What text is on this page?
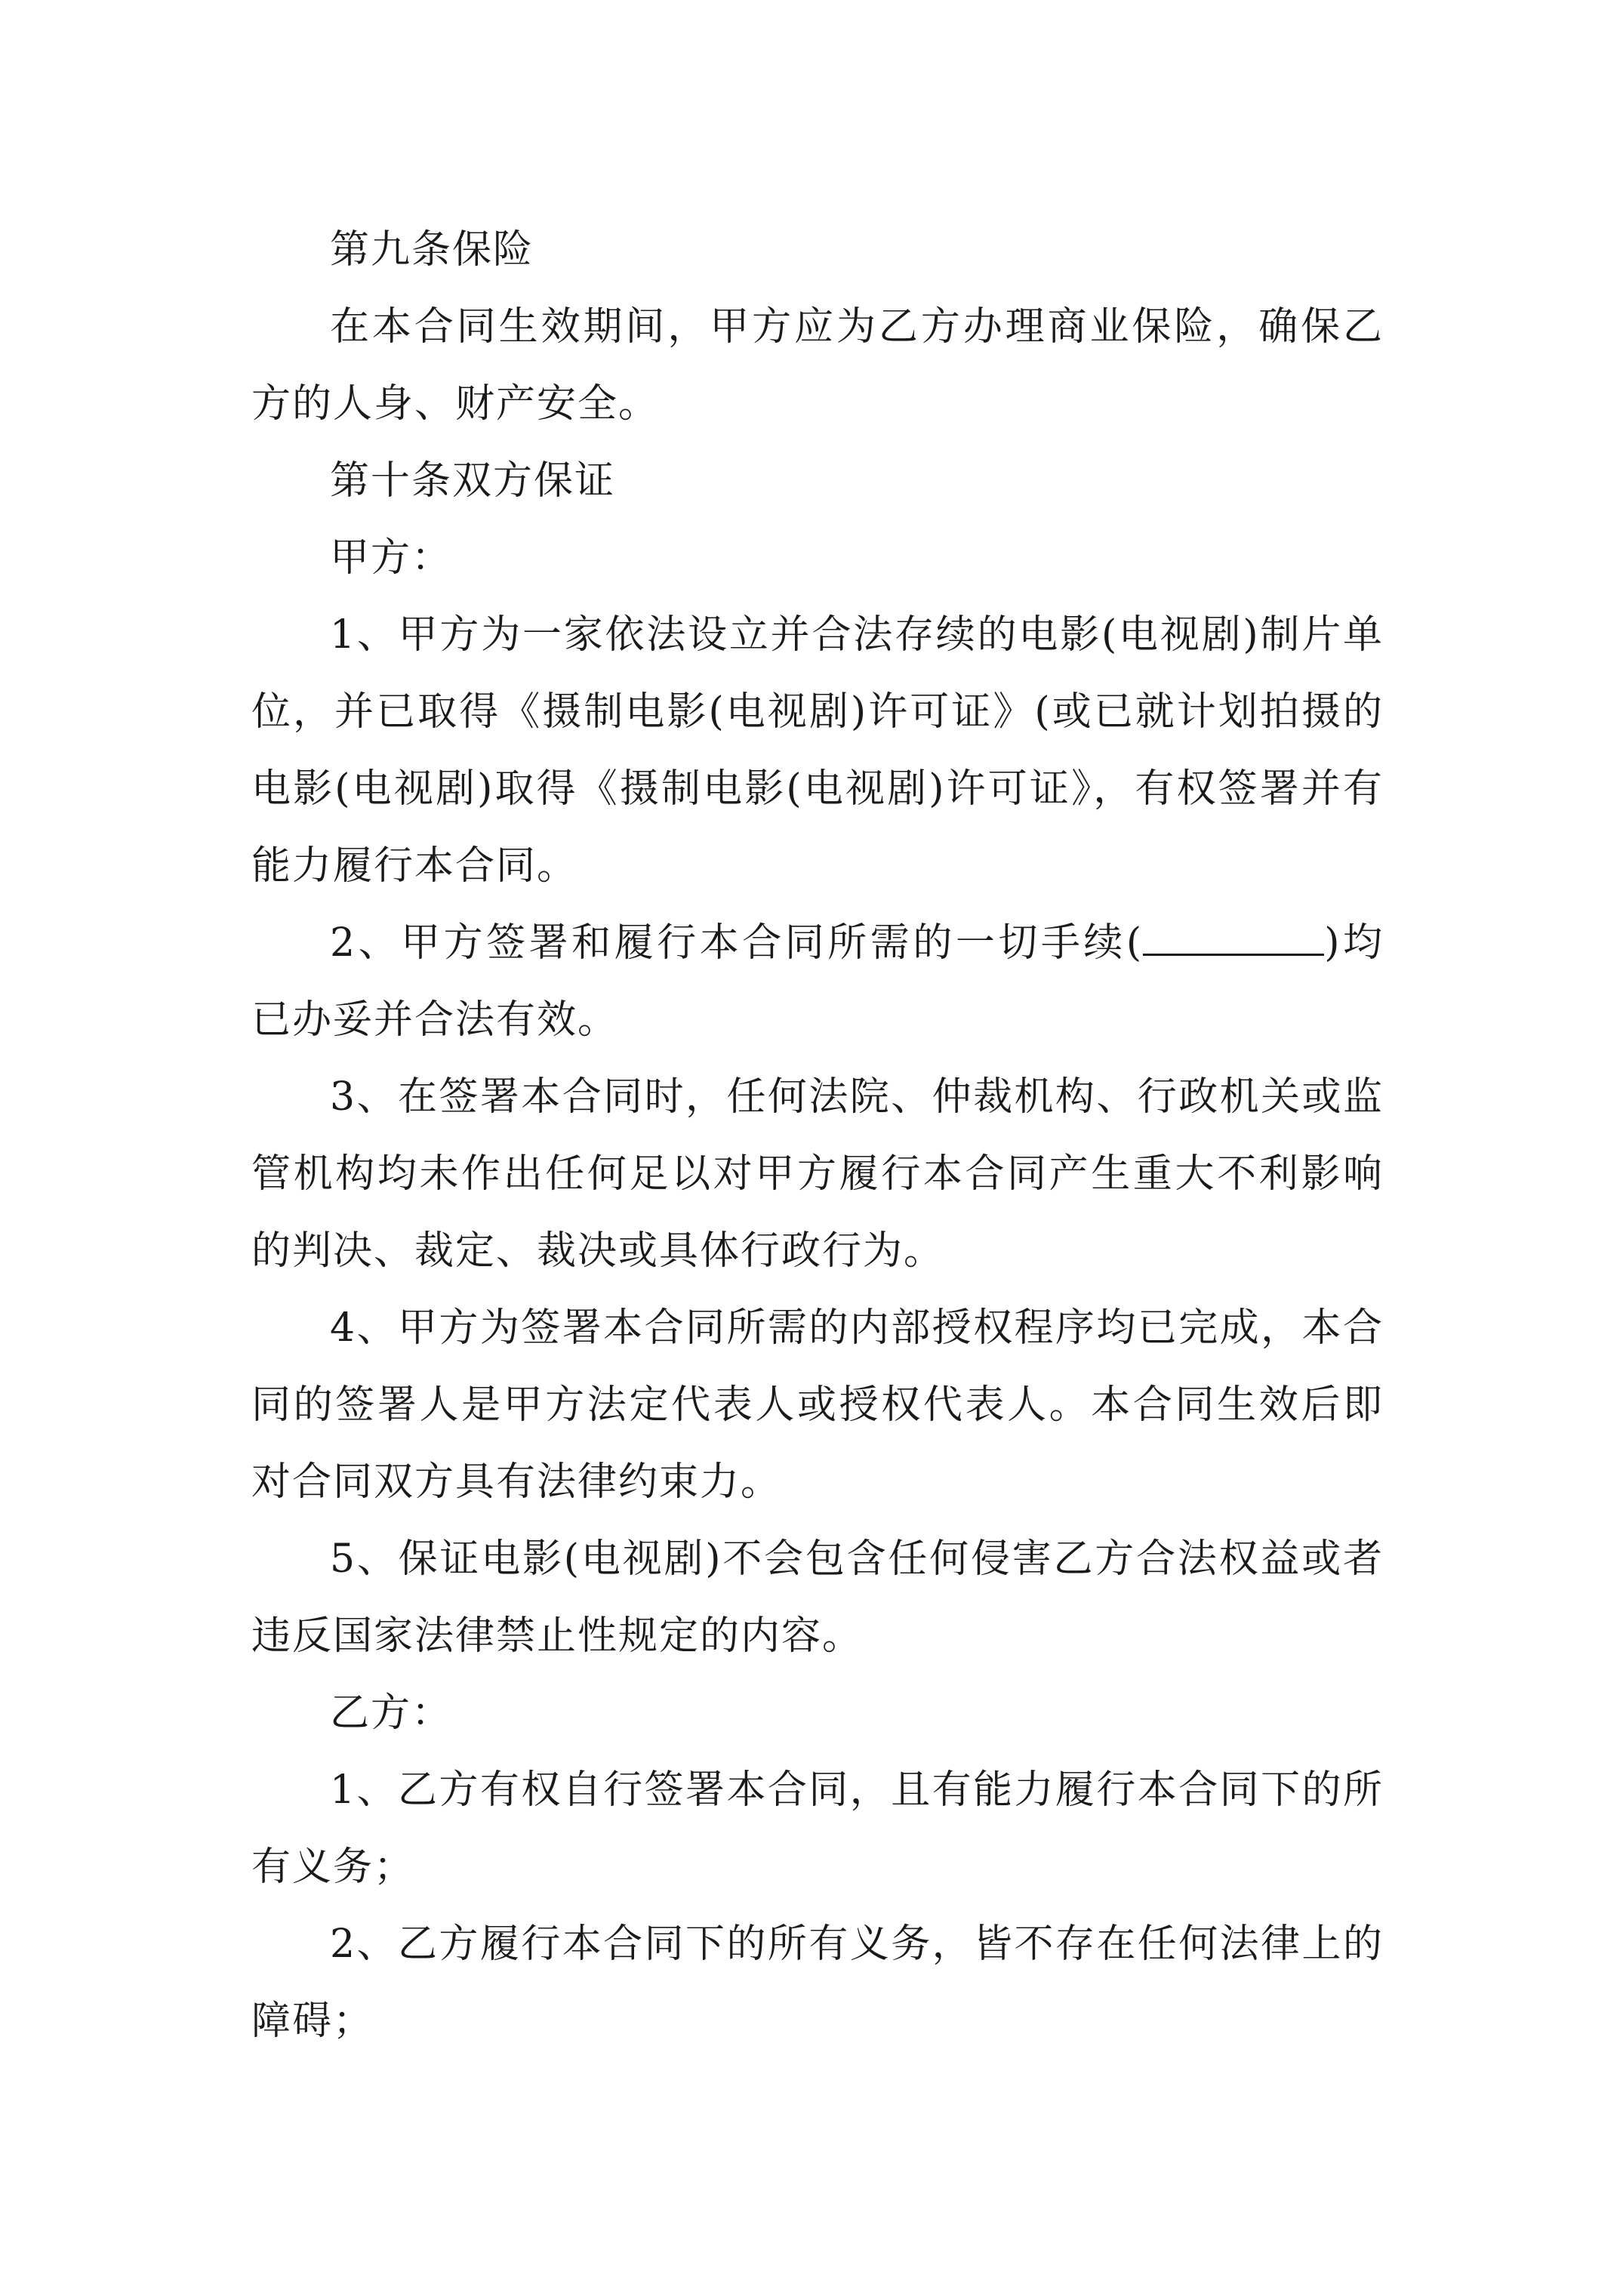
第九条保险

在本合同生效期间，甲方应为乙方办理商业保险，确保乙方的人身、财产安全。

第十条双方保证

甲方：

1、甲方为一家依法设立并合法存续的电影(电视剧)制片单位，并已取得《摄制电影(电视剧)许可证》(或已就计划拍摄的电影(电视剧)取得《摄制电影(电视剧)许可证》，有权签署并有能力履行本合同。

2、甲方签署和履行本合同所需的一切手续(	)均已办妥并合法有效。

3、在签署本合同时，任何法院、仲裁机构、行政机关或监管机构均未作出任何足以对甲方履行本合同产生重大不利影响的判决、裁定、裁决或具体行政行为。

4、甲方为签署本合同所需的内部授权程序均已完成，本合同的签署人是甲方法定代表人或授权代表人。本合同生效后即对合同双方具有法律约束力。

5、保证电影(电视剧)不会包含任何侵害乙方合法权益或者违反国家法律禁止性规定的内容。

乙方：

1、乙方有权自行签署本合同，且有能力履行本合同下的所有义务；

2、乙方履行本合同下的所有义务，皆不存在任何法律上的障碍；
